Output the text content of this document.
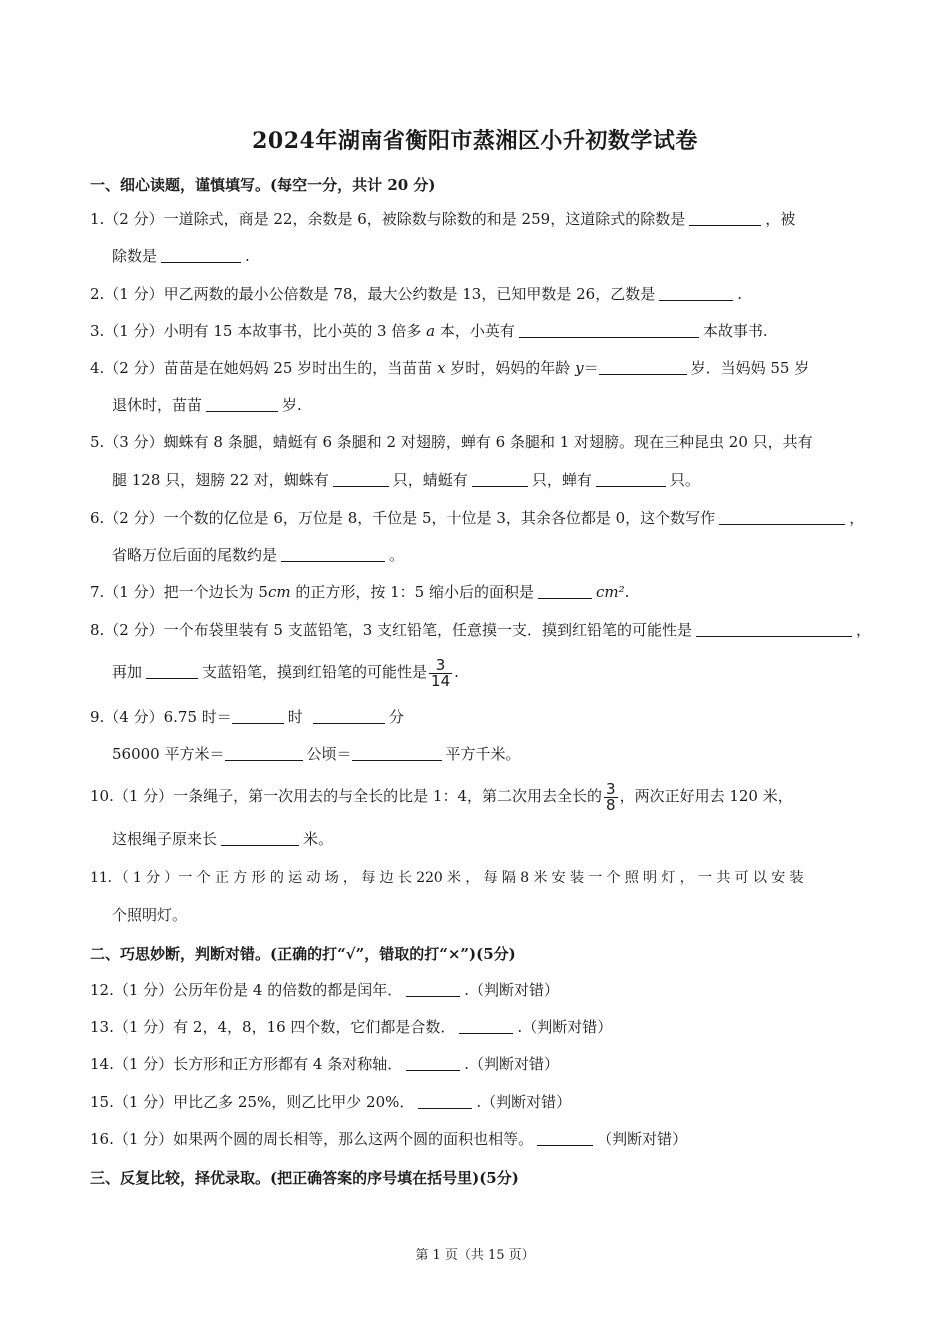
2024年湖南省衡阳市蒸湘区小升初数学试卷
一、细心读题，谨慎填写。(每空一分，共计 20 分)
1.（2 分）一道除式，商是 22，余数是 6，被除数与除数的和是 259，这道除式的除数是	，被
除数是	.
2.（1 分）甲乙两数的最小公倍数是 78，最大公约数是 13，已知甲数是 26，乙数是	.
3.（1 分）小明有 15 本故事书，比小英的 3 倍多 a 本，小英有	本故事书.
4.（2 分）苗苗是在她妈妈 25 岁时出生的，当苗苗 x 岁时，妈妈的年龄 y＝	岁．当妈妈 55 岁
退休时，苗苗	岁.
5.（3 分）蜘蛛有 8 条腿，蜻蜓有 6 条腿和 2 对翅膀，蝉有 6 条腿和 1 对翅膀。现在三种昆虫 20 只，共有
腿 128 只，翅膀 22 对，蜘蛛有	只，蜻蜓有	只，蝉有	只。
6.（2 分）一个数的亿位是 6，万位是 8，千位是 5，十位是 3，其余各位都是 0，这个数写作	，
省略万位后面的尾数约是	。
7.（1 分）把一个边长为 5cm 的正方形，按 1：5 缩小后的面积是	cm².
8.（2 分）一个布袋里装有 5 支蓝铅笔，3 支红铅笔，任意摸一支．摸到红铅笔的可能性是	，
再加	支蓝铅笔，摸到红铅笔的可能性是 $\frac{3}{14}$ .
9.（4 分）6.75 时＝	时	分
56000 平方米＝	公顷＝	平方千米。
10.（1 分）一条绳子，第一次用去的与全长的比是 1：4，第二次用去全长的 $\frac{3}{8}$ ，两次正好用去 120 米，
这根绳子原来长	米。
11．（ 1 分 ）一 个 正 方 形 的 运 动 场 ， 每 边 长 220 米 ， 每 隔 8 米 安 装 一 个 照 明 灯 ， 一 共 可 以 安 装
个照明灯。
二、巧思妙断，判断对错。(正确的打“√”，错取的打“×”)(5分)
12.（1 分）公历年份是 4 的倍数的都是闰年．	.（判断对错）
13.（1 分）有 2，4，8，16 四个数，它们都是合数．	.（判断对错）
14.（1 分）长方形和正方形都有 4 条对称轴．	.（判断对错）
15.（1 分）甲比乙多 25%，则乙比甲少 20%．	.（判断对错）
16.（1 分）如果两个圆的周长相等，那么这两个圆的面积也相等。	（判断对错）
三、反复比较，择优录取。(把正确答案的序号填在括号里)(5分)
第 1 页（共 15 页）
